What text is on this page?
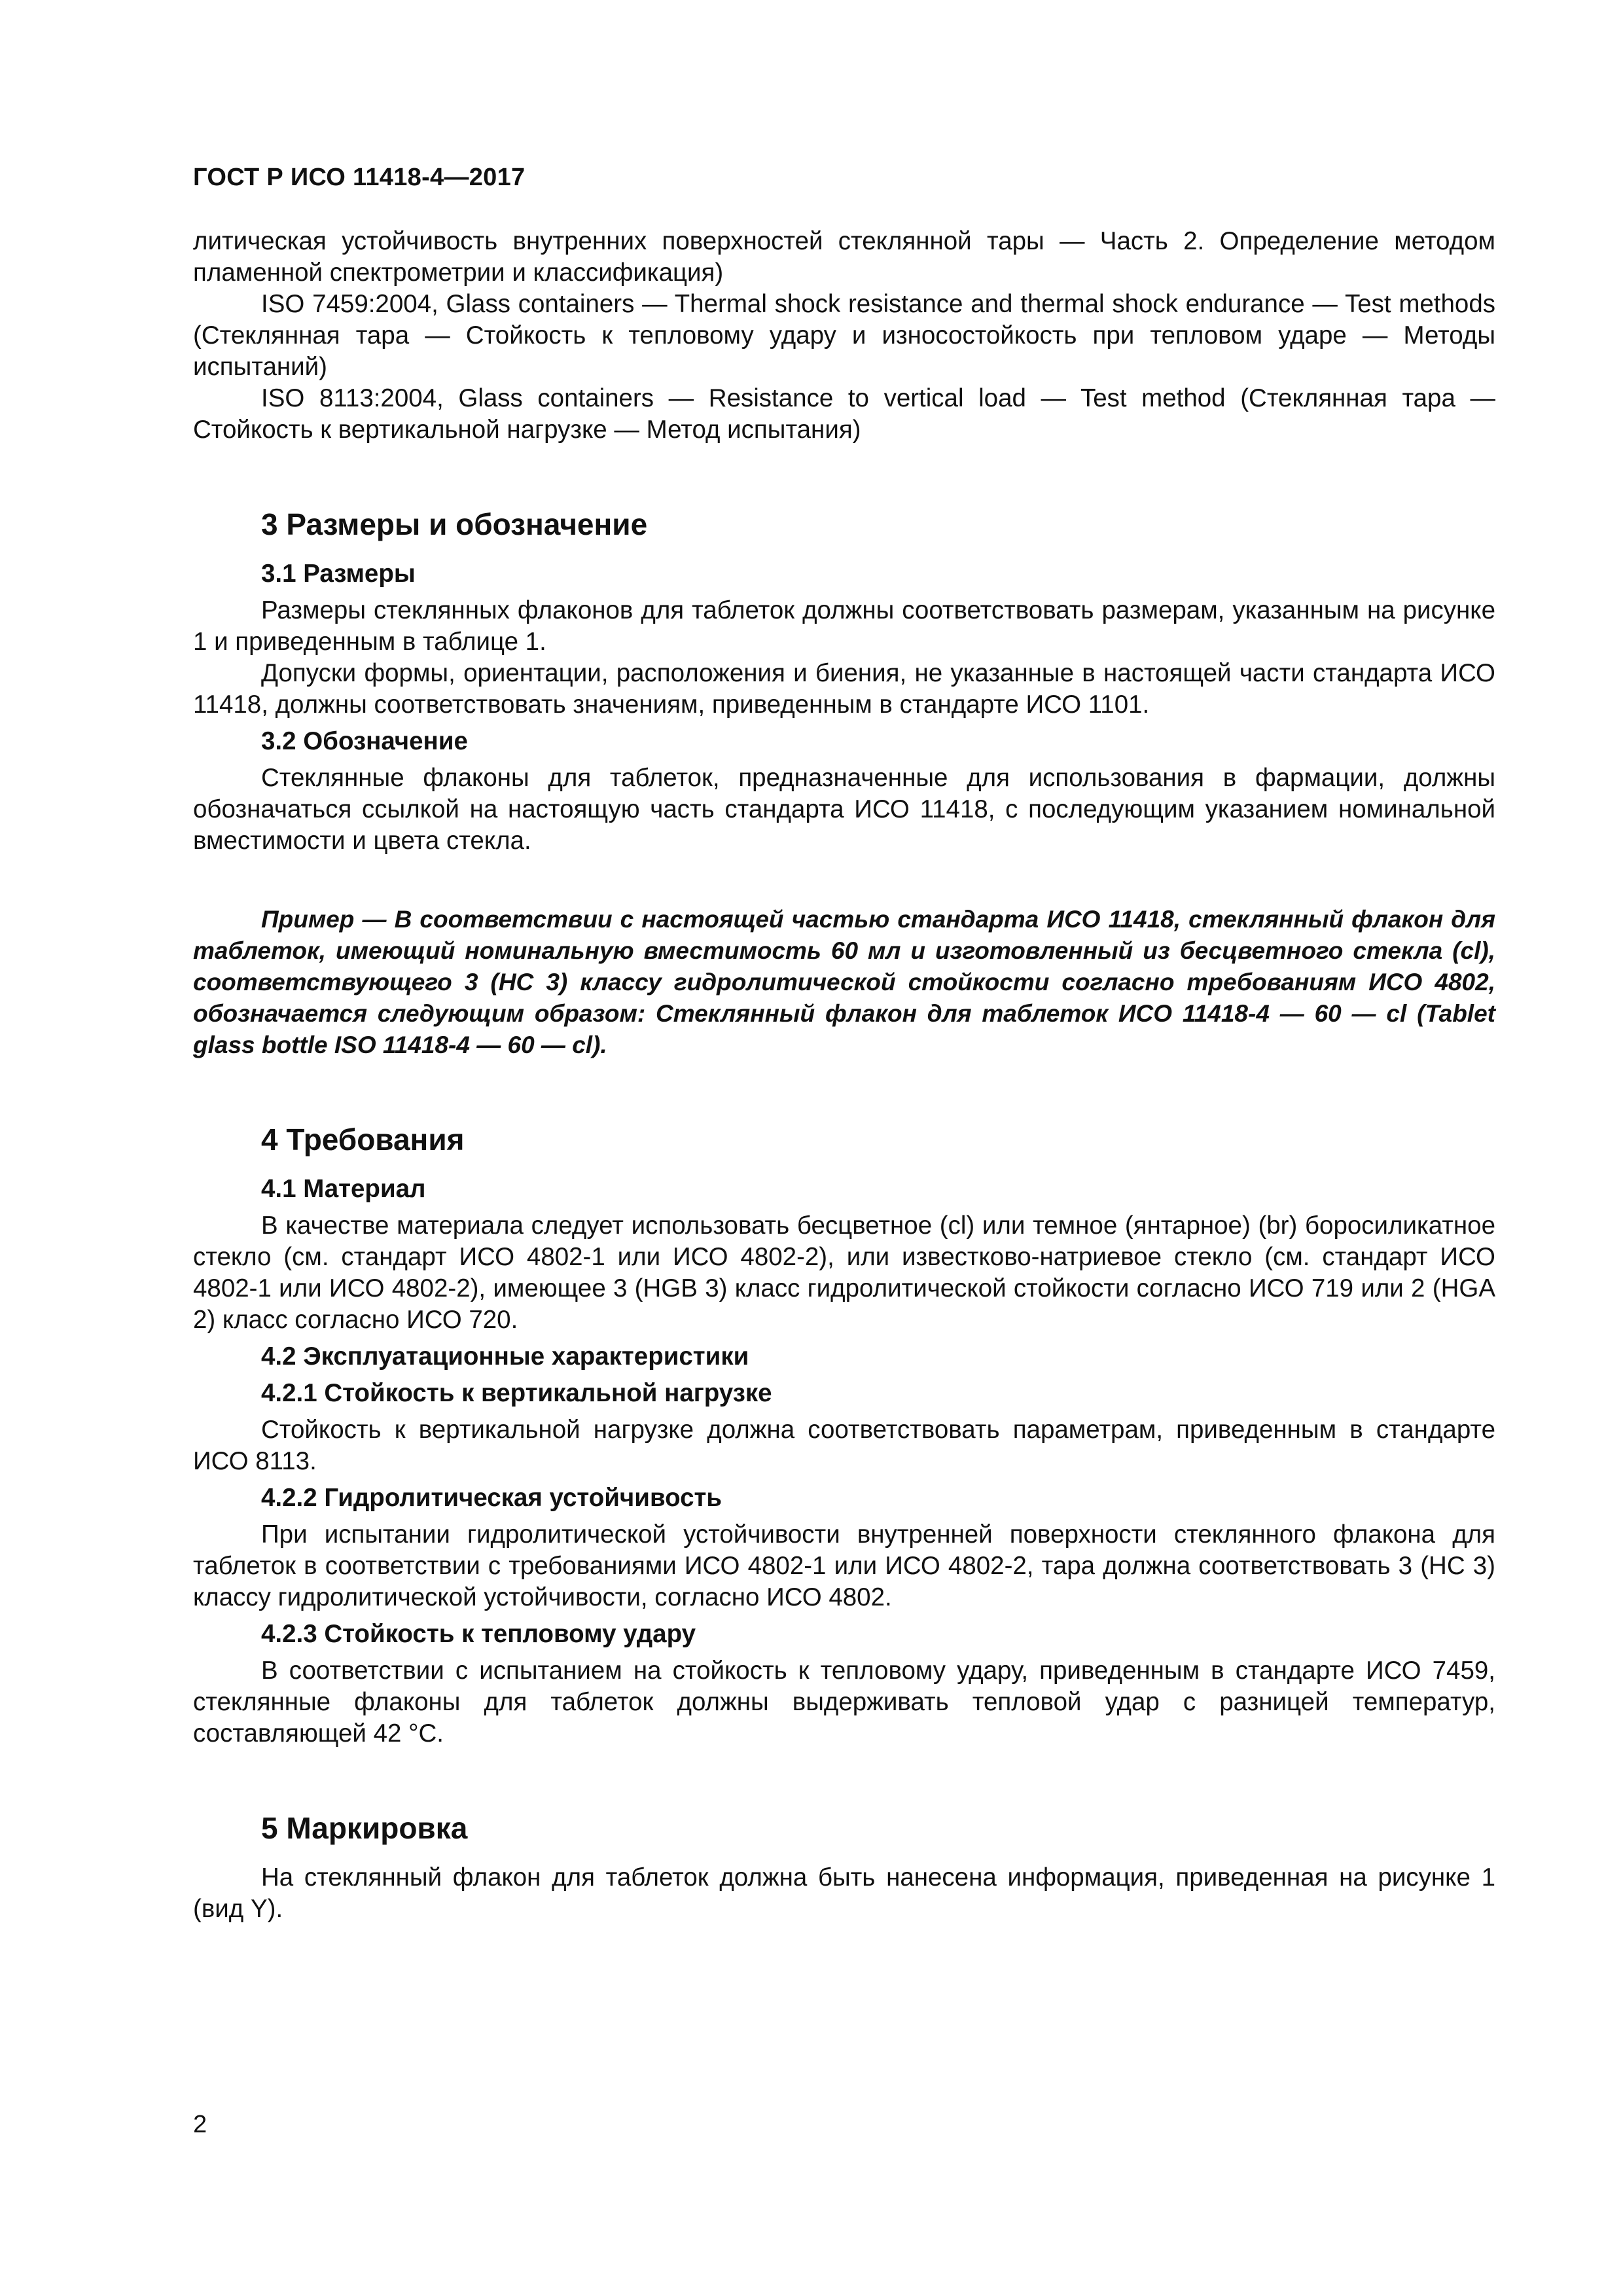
ГОСТ Р ИСО 11418-4—2017

литическая устойчивость внутренних поверхностей стеклянной тары — Часть 2. Определение методом пламенной спектрометрии и классификация)

ISO 7459:2004, Glass containers — Thermal shock resistance and thermal shock endurance — Test methods (Стеклянная тара — Стойкость к тепловому удару и износостойкость при тепловом ударе — Методы испытаний)

ISO 8113:2004, Glass containers — Resistance to vertical load — Test method (Стеклянная тара — Стойкость к вертикальной нагрузке — Метод испытания)

3 Размеры и обозначение
3.1 Размеры

Размеры стеклянных флаконов для таблеток должны соответствовать размерам, указанным на рисунке 1 и приведенным в таблице 1.

Допуски формы, ориентации, расположения и биения, не указанные в настоящей части стандарта ИСО 11418, должны соответствовать значениям, приведенным в стандарте ИСО 1101.

3.2 Обозначение

Стеклянные флаконы для таблеток, предназначенные для использования в фармации, должны обозначаться ссылкой на настоящую часть стандарта ИСО 11418, с последующим указанием номинальной вместимости и цвета стекла.

Пример — В соответствии с настоящей частью стандарта ИСО 11418, стеклянный флакон для таблеток, имеющий номинальную вместимость 60 мл и изготовленный из бесцветного стекла (cl), соответствующего 3 (НС 3) классу гидролитической стойкости согласно требованиям ИСО 4802, обозначается следующим образом: Стеклянный флакон для таблеток ИСО 11418-4 — 60 — cl (Tablet glass bottle ISO 11418-4 — 60 — cl).

4 Требования
4.1 Материал

В качестве материала следует использовать бесцветное (cl) или темное (янтарное) (br) боросиликатное стекло (см. стандарт ИСО 4802-1 или ИСО 4802-2), или известково-натриевое стекло (см. стандарт ИСО 4802-1 или ИСО 4802-2), имеющее 3 (HGB 3) класс гидролитической стойкости согласно ИСО 719 или 2 (HGA 2) класс согласно ИСО 720.

4.2 Эксплуатационные характеристики
4.2.1 Стойкость к вертикальной нагрузке

Стойкость к вертикальной нагрузке должна соответствовать параметрам, приведенным в стандарте ИСО 8113.

4.2.2 Гидролитическая устойчивость

При испытании гидролитической устойчивости внутренней поверхности стеклянного флакона для таблеток в соответствии с требованиями ИСО 4802-1 или ИСО 4802-2, тара должна соответствовать 3 (НС 3) классу гидролитической устойчивости, согласно ИСО 4802.

4.2.3 Стойкость к тепловому удару

В соответствии с испытанием на стойкость к тепловому удару, приведенным в стандарте ИСО 7459, стеклянные флаконы для таблеток должны выдерживать тепловой удар с разницей температур, составляющей 42 °С.

5 Маркировка

На стеклянный флакон для таблеток должна быть нанесена информация, приведенная на рисунке 1 (вид Y).

2
